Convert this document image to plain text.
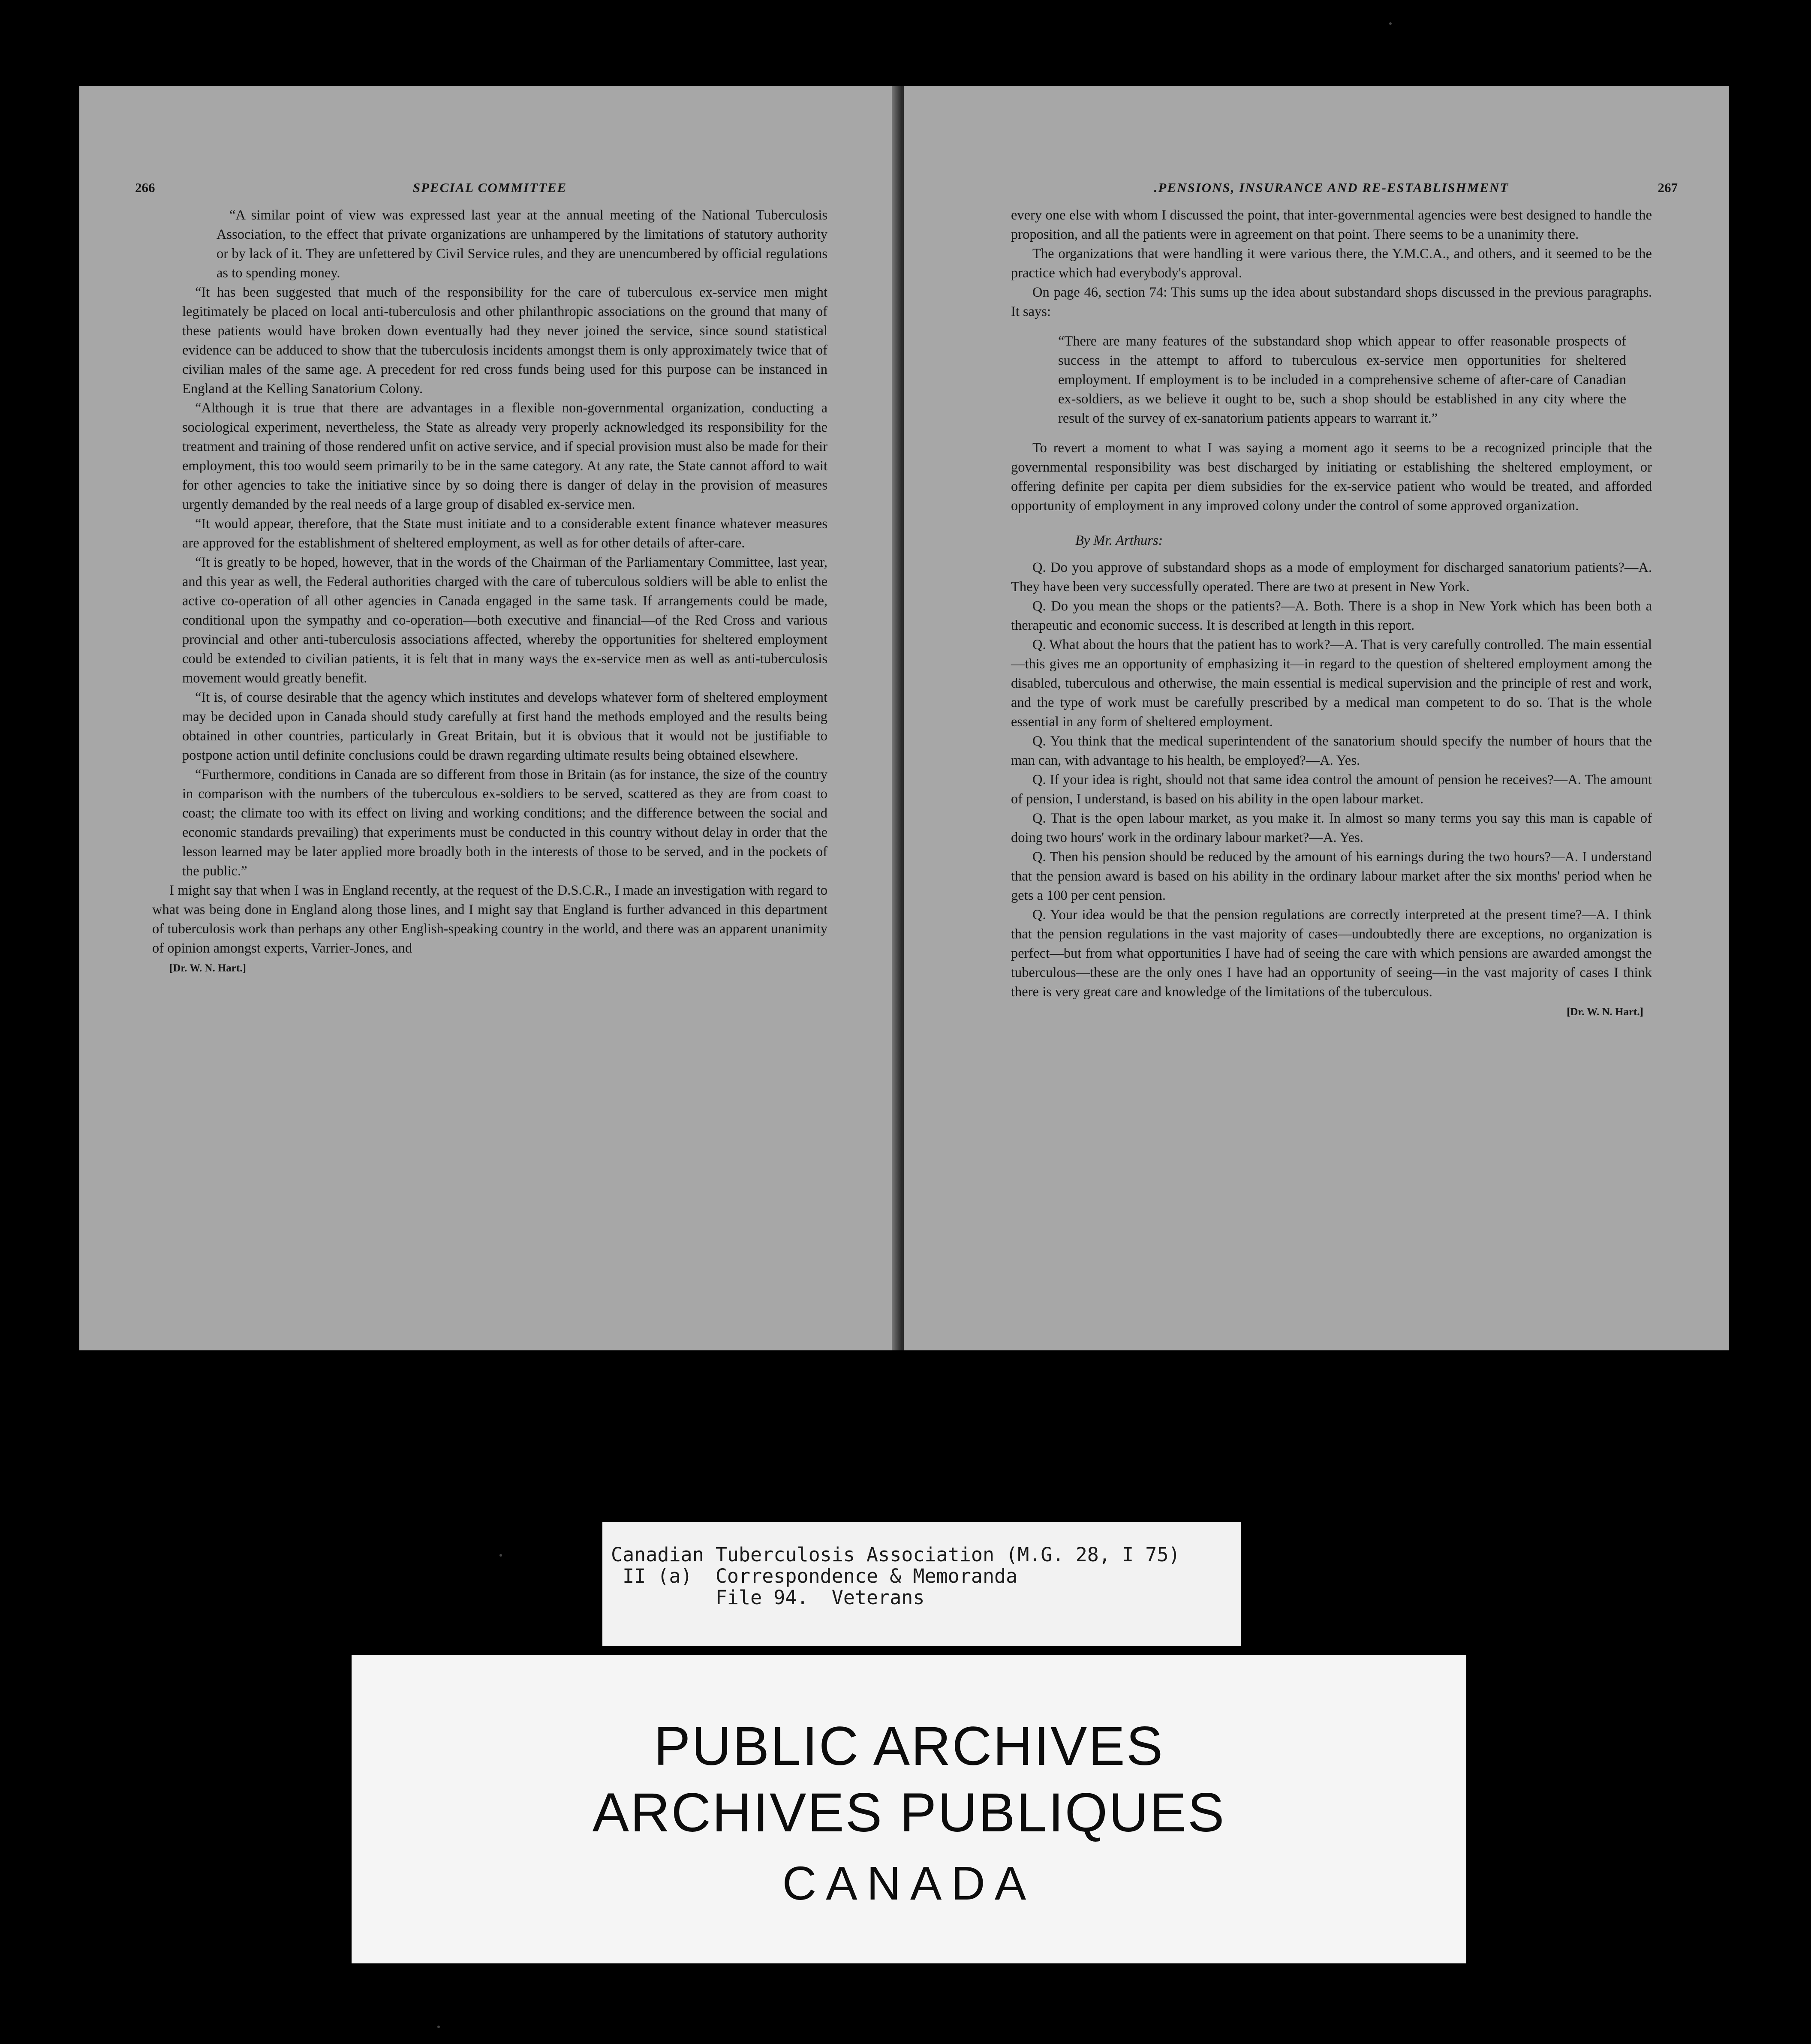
266	SPECIAL COMMITTEE

“A similar point of view was expressed last year at the annual meeting of the National Tuberculosis Association, to the effect that private organizations are unhampered by the limitations of statutory authority or by lack of it. They are unfettered by Civil Service rules, and they are unencumbered by official regulations as to spending money.

“It has been suggested that much of the responsibility for the care of tuberculous ex-service men might legitimately be placed on local anti-tuberculosis and other philanthropic associations on the ground that many of these patients would have broken down eventually had they never joined the service, since sound statistical evidence can be adduced to show that the tuberculosis incidents amongst them is only approximately twice that of civilian males of the same age. A precedent for red cross funds being used for this purpose can be instanced in England at the Kelling Sanatorium Colony.

“Although it is true that there are advantages in a flexible non-governmental organization, conducting a sociological experiment, nevertheless, the State as already very properly acknowledged its responsibility for the treatment and training of those rendered unfit on active service, and if special provision must also be made for their employment, this too would seem primarily to be in the same category. At any rate, the State cannot afford to wait for other agencies to take the initiative since by so doing there is danger of delay in the provision of measures urgently demanded by the real needs of a large group of disabled ex-service men.

“It would appear, therefore, that the State must initiate and to a considerable extent finance whatever measures are approved for the establishment of sheltered employment, as well as for other details of after-care.

“It is greatly to be hoped, however, that in the words of the Chairman of the Parliamentary Committee, last year, and this year as well, the Federal authorities charged with the care of tuberculous soldiers will be able to enlist the active co-operation of all other agencies in Canada engaged in the same task. If arrangements could be made, conditional upon the sympathy and co-operation—both executive and financial—of the Red Cross and various provincial and other anti-tuberculosis associations affected, whereby the opportunities for sheltered employment could be extended to civilian patients, it is felt that in many ways the ex-service men as well as anti-tuberculosis movement would greatly benefit.

“It is, of course desirable that the agency which institutes and develops whatever form of sheltered employment may be decided upon in Canada should study carefully at first hand the methods employed and the results being obtained in other countries, particularly in Great Britain, but it is obvious that it would not be justifiable to postpone action until definite conclusions could be drawn regarding ultimate results being obtained elsewhere.

“Furthermore, conditions in Canada are so different from those in Britain (as for instance, the size of the country in comparison with the numbers of the tuberculous ex-soldiers to be served, scattered as they are from coast to coast; the climate too with its effect on living and working conditions; and the difference between the social and economic standards prevailing) that experiments must be conducted in this country without delay in order that the lesson learned may be later applied more broadly both in the interests of those to be served, and in the pockets of the public.”

I might say that when I was in England recently, at the request of the D.S.C.R., I made an investigation with regard to what was being done in England along those lines, and I might say that England is further advanced in this department of tuberculosis work than perhaps any other English-speaking country in the world, and there was an apparent unanimity of opinion amongst experts, Varrier-Jones, and

[Dr. W. N. Hart.]
.PENSIONS, INSURANCE AND RE-ESTABLISHMENT	267

every one else with whom I discussed the point, that inter-governmental agencies were best designed to handle the proposition, and all the patients were in agreement on that point. There seems to be a unanimity there.

The organizations that were handling it were various there, the Y.M.C.A., and others, and it seemed to be the practice which had everybody's approval.

On page 46, section 74: This sums up the idea about substandard shops discussed in the previous paragraphs. It says:

“There are many features of the substandard shop which appear to offer reasonable prospects of success in the attempt to afford to tuberculous ex-service men opportunities for sheltered employment. If employment is to be included in a comprehensive scheme of after-care of Canadian ex-soldiers, as we believe it ought to be, such a shop should be established in any city where the result of the survey of ex-sanatorium patients appears to warrant it.”

To revert a moment to what I was saying a moment ago it seems to be a recognized principle that the governmental responsibility was best discharged by initiating or establishing the sheltered employment, or offering definite per capita per diem subsidies for the ex-service patient who would be treated, and afforded opportunity of employment in any improved colony under the control of some approved organization.

By Mr. Arthurs:

Q. Do you approve of substandard shops as a mode of employment for discharged sanatorium patients?—A. They have been very successfully operated. There are two at present in New York.

Q. Do you mean the shops or the patients?—A. Both. There is a shop in New York which has been both a therapeutic and economic success. It is described at length in this report.

Q. What about the hours that the patient has to work?—A. That is very carefully controlled. The main essential—this gives me an opportunity of emphasizing it—in regard to the question of sheltered employment among the disabled, tuberculous and otherwise, the main essential is medical supervision and the principle of rest and work, and the type of work must be carefully prescribed by a medical man competent to do so. That is the whole essential in any form of sheltered employment.

Q. You think that the medical superintendent of the sanatorium should specify the number of hours that the man can, with advantage to his health, be employed?—A. Yes.

Q. If your idea is right, should not that same idea control the amount of pension he receives?—A. The amount of pension, I understand, is based on his ability in the open labour market.

Q. That is the open labour market, as you make it. In almost so many terms you say this man is capable of doing two hours' work in the ordinary labour market?—A. Yes.

Q. Then his pension should be reduced by the amount of his earnings during the two hours?—A. I understand that the pension award is based on his ability in the ordinary labour market after the six months' period when he gets a 100 per cent pension.

Q. Your idea would be that the pension regulations are correctly interpreted at the present time?—A. I think that the pension regulations in the vast majority of cases—undoubtedly there are exceptions, no organization is perfect—but from what opportunities I have had of seeing the care with which pensions are awarded amongst the tuberculous—these are the only ones I have had an opportunity of seeing—in the vast majority of cases I think there is very great care and knowledge of the limitations of the tuberculous.

[Dr. W. N. Hart.]
Canadian Tuberculosis Association (M.G. 28, I 75)
II (a)  Correspondence & Memoranda
File 94.  Veterans
PUBLIC ARCHIVES
ARCHIVES PUBLIQUES
CANADA
